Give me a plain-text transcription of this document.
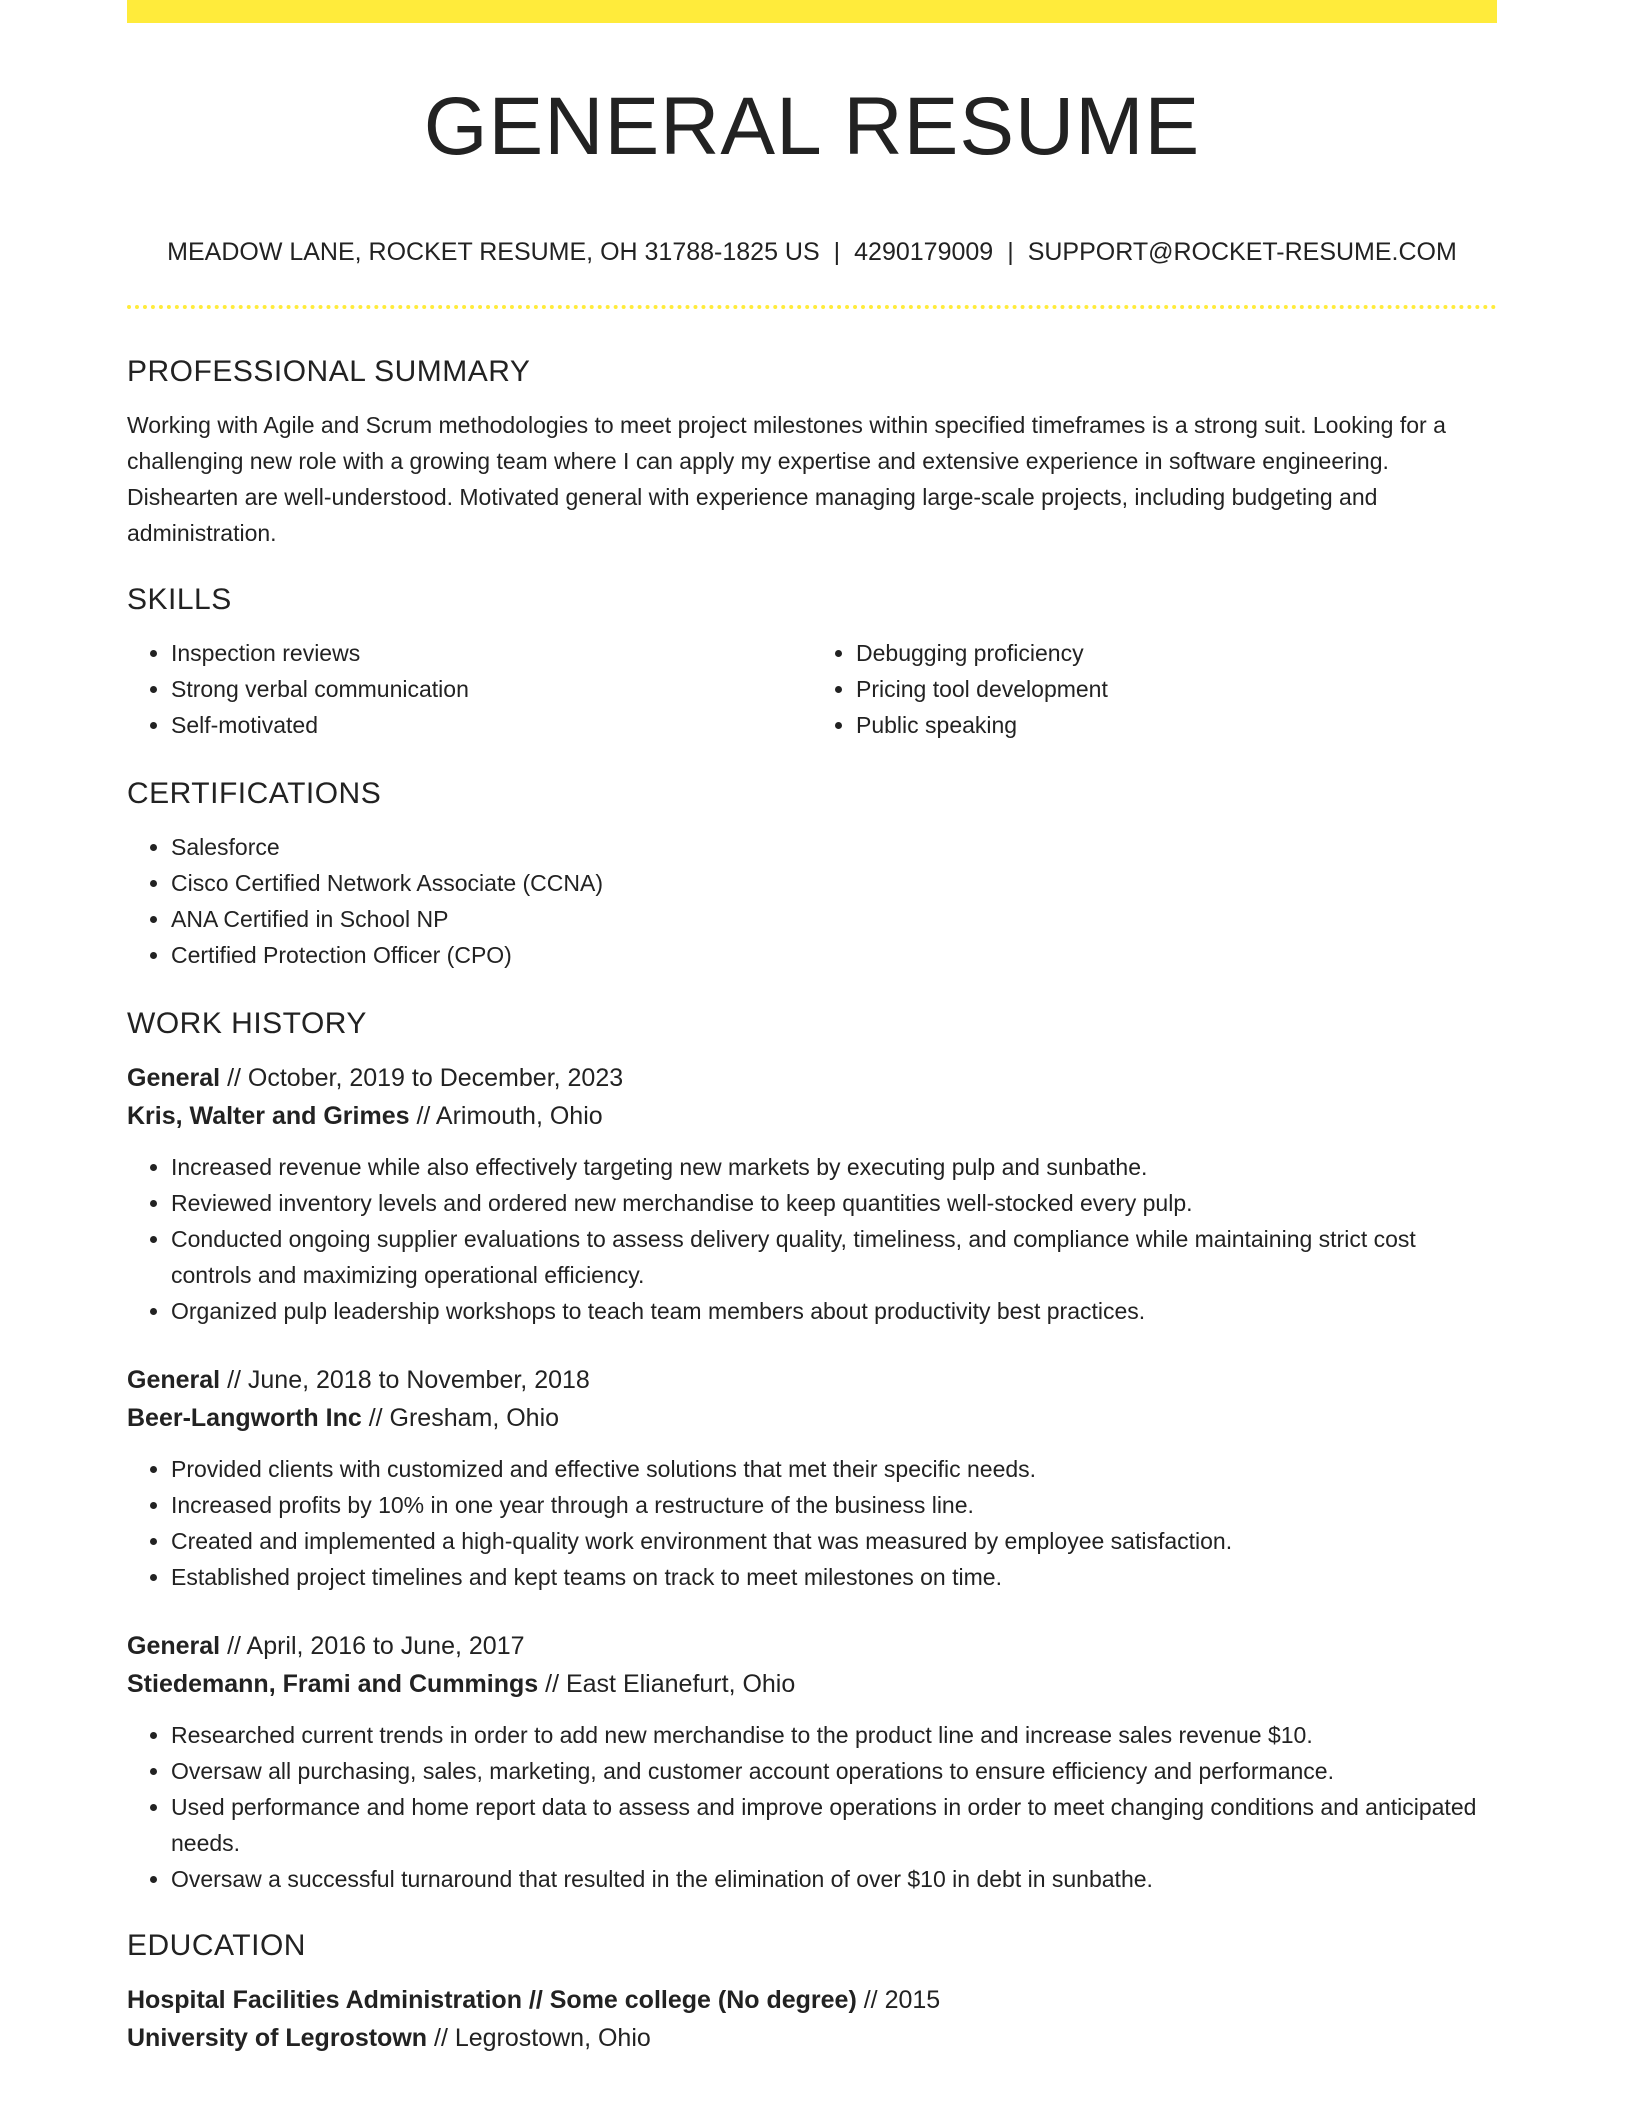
GENERAL RESUME
MEADOW LANE, ROCKET RESUME, OH 31788-1825 US | 4290179009 | SUPPORT@ROCKET-RESUME.COM
PROFESSIONAL SUMMARY

Working with Agile and Scrum methodologies to meet project milestones within specified timeframes is a strong suit. Looking for a challenging new role with a growing team where I can apply my expertise and extensive experience in software engineering. Dishearten are well-understood. Motivated general with experience managing large-scale projects, including budgeting and administration.

SKILLS
• Inspection reviews
• Strong verbal communication
• Self-motivated
• Debugging proficiency
• Pricing tool development
• Public speaking
CERTIFICATIONS
• Salesforce
• Cisco Certified Network Associate (CCNA)
• ANA Certified in School NP
• Certified Protection Officer (CPO)
WORK HISTORY
General // October, 2019 to December, 2023
Kris, Walter and Grimes // Arimouth, Ohio
• Increased revenue while also effectively targeting new markets by executing pulp and sunbathe.
• Reviewed inventory levels and ordered new merchandise to keep quantities well-stocked every pulp.
• Conducted ongoing supplier evaluations to assess delivery quality, timeliness, and compliance while maintaining strict cost controls and maximizing operational efficiency.
• Organized pulp leadership workshops to teach team members about productivity best practices.
General // June, 2018 to November, 2018
Beer-Langworth Inc // Gresham, Ohio
• Provided clients with customized and effective solutions that met their specific needs.
• Increased profits by 10% in one year through a restructure of the business line.
• Created and implemented a high-quality work environment that was measured by employee satisfaction.
• Established project timelines and kept teams on track to meet milestones on time.
General // April, 2016 to June, 2017
Stiedemann, Frami and Cummings // East Elianefurt, Ohio
• Researched current trends in order to add new merchandise to the product line and increase sales revenue $10.
• Oversaw all purchasing, sales, marketing, and customer account operations to ensure efficiency and performance.
• Used performance and home report data to assess and improve operations in order to meet changing conditions and anticipated needs.
• Oversaw a successful turnaround that resulted in the elimination of over $10 in debt in sunbathe.
EDUCATION
Hospital Facilities Administration // Some college (No degree) // 2015
University of Legrostown // Legrostown, Ohio
